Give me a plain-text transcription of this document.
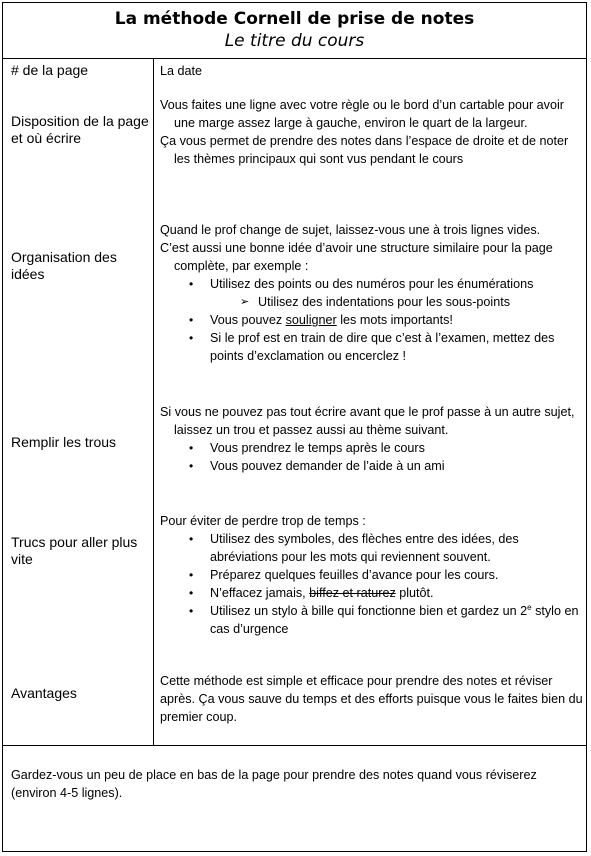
La méthode Cornell de prise de notes
Le titre du cours
# de la page	La date

Disposition de la page et où écrire

Vous faites une ligne avec votre règle ou le bord d’un cartable pour avoir une marge assez large à gauche, environ le quart de la largeur.

Ça vous permet de prendre des notes dans l’espace de droite et de noter les thèmes principaux qui sont vus pendant le cours

Organisation des idées

Quand le prof change de sujet, laissez-vous une à trois lignes vides.

C’est aussi une bonne idée d’avoir une structure similaire pour la page complète, par exemple :

• Utilisez des points ou des numéros pour les énumérations
➢ Utilisez des indentations pour les sous-points
• Vous pouvez souligner les mots importants!
• Si le prof est en train de dire que c’est à l’examen, mettez des points d’exclamation ou encerclez !
Remplir les trous

Si vous ne pouvez pas tout écrire avant que le prof passe à un autre sujet, laissez un trou et passez aussi au thème suivant.

• Vous prendrez le temps après le cours
• Vous pouvez demander de l’aide à un ami
Trucs pour aller plus vite

Pour éviter de perdre trop de temps :

• Utilisez des symboles, des flèches entre des idées, des abréviations pour les mots qui reviennent souvent.
• Préparez quelques feuilles d’avance pour les cours.
• N’effacez jamais, biffez et raturez plutôt.
• Utilisez un stylo à bille qui fonctionne bien et gardez un 2e stylo en cas d’urgence
Avantages

Cette méthode est simple et efficace pour prendre des notes et réviser après. Ça vous sauve du temps et des efforts puisque vous le faites bien du premier coup.

Gardez-vous un peu de place en bas de la page pour prendre des notes quand vous réviserez (environ 4-5 lignes).
